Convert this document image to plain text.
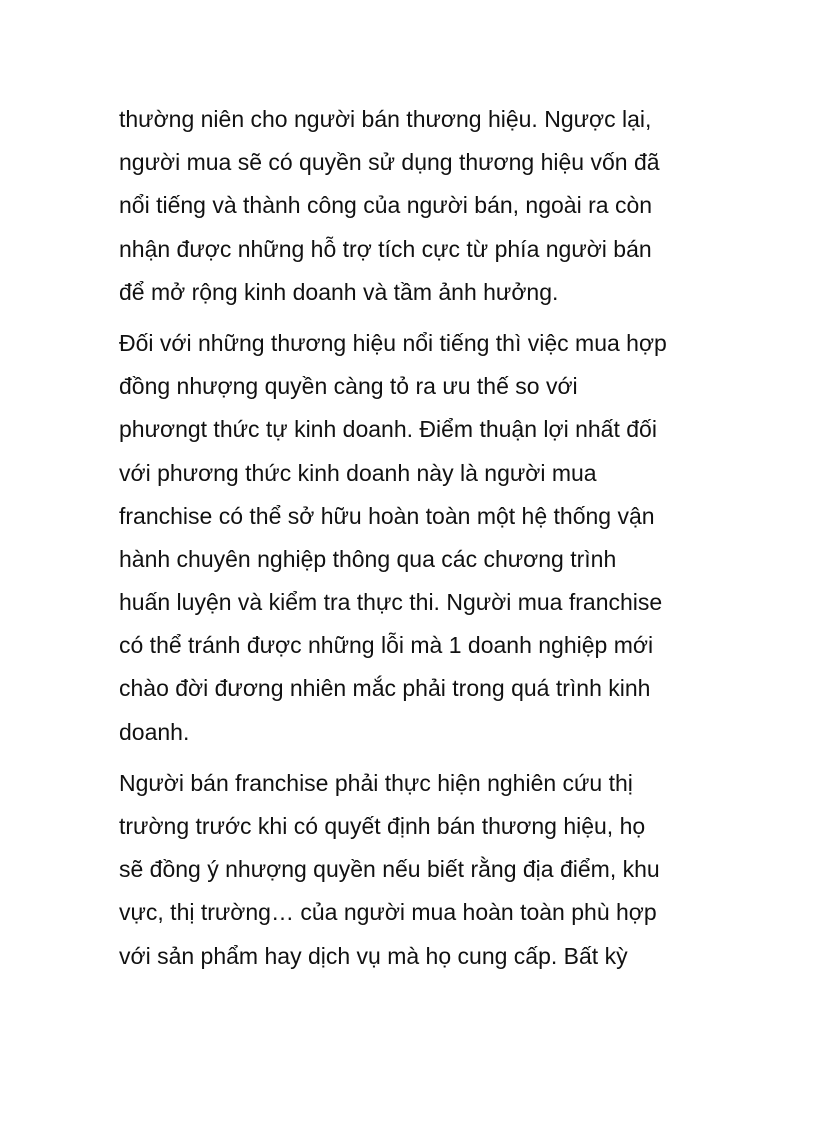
thường niên cho người bán thương hiệu. Ngược lại,
người mua sẽ có quyền sử dụng thương hiệu vốn đã
nổi tiếng và thành công của người bán, ngoài ra còn
nhận được những hỗ trợ tích cực từ phía người bán
để mở rộng kinh doanh và tầm ảnh hưởng.
Đối với những thương hiệu nổi tiếng thì việc mua hợp
đồng nhượng quyền càng tỏ ra ưu thế so với
phươngt thức tự kinh doanh. Điểm thuận lợi nhất đối
với phương thức kinh doanh này là người mua
franchise có thể sở hữu hoàn toàn một hệ thống vận
hành chuyên nghiệp thông qua các chương trình
huấn luyện và kiểm tra thực thi. Người mua franchise
có thể tránh được những lỗi mà 1 doanh nghiệp mới
chào đời đương nhiên mắc phải trong quá trình kinh
doanh.
Người bán franchise phải thực hiện nghiên cứu thị
trường trước khi có quyết định bán thương hiệu, họ
sẽ đồng ý nhượng quyền nếu biết rằng địa điểm, khu
vực, thị trường… của người mua hoàn toàn phù hợp
với sản phẩm hay dịch vụ mà họ cung cấp. Bất kỳ
